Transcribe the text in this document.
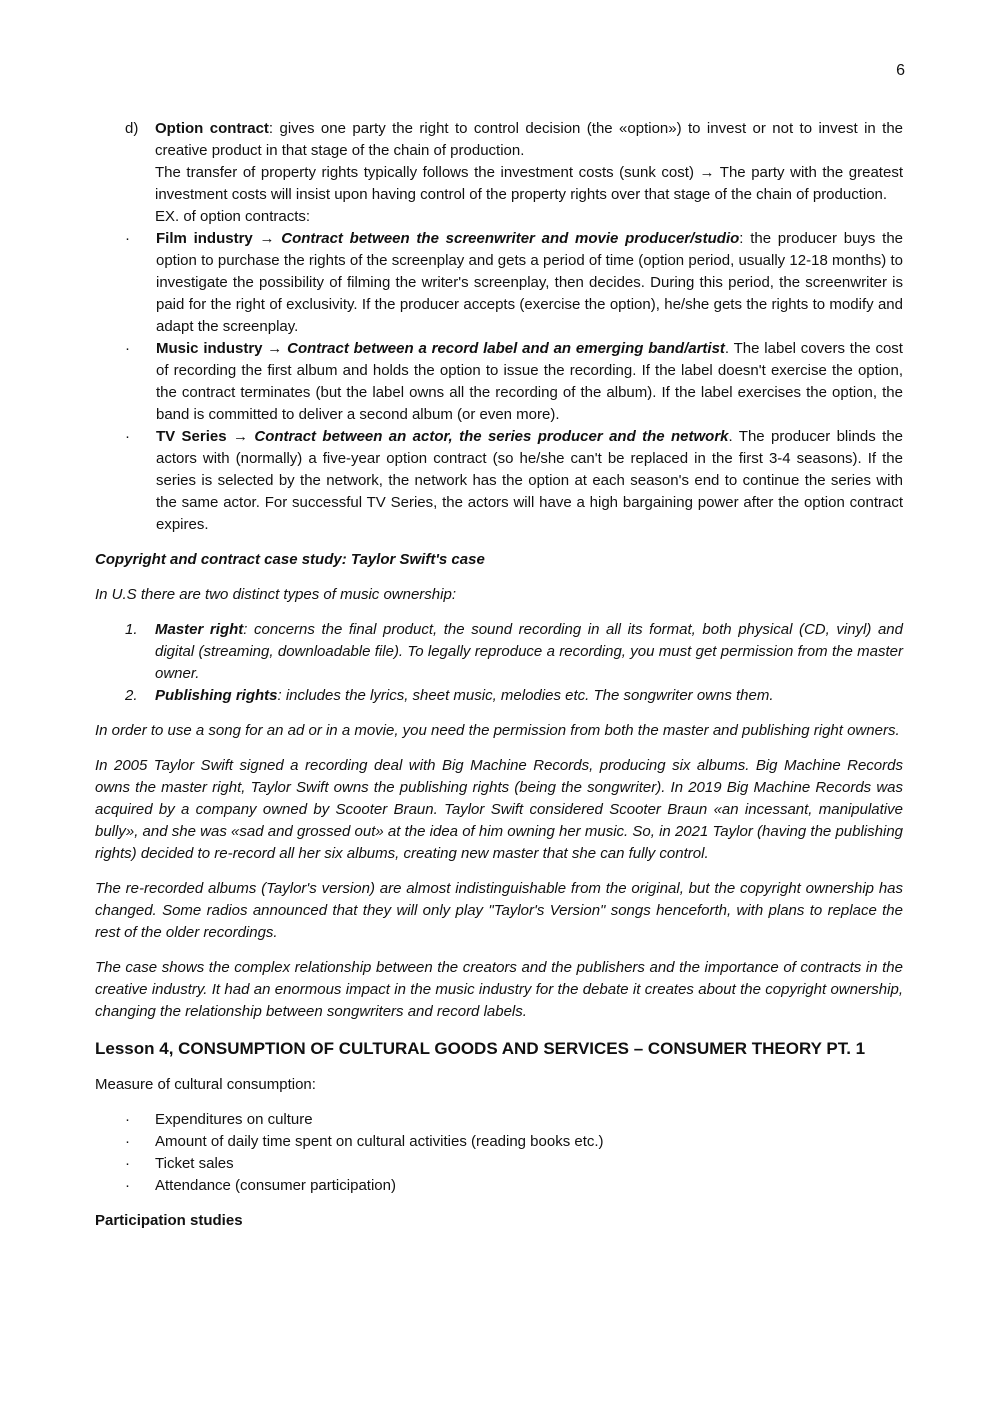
6
d) Option contract: gives one party the right to control decision (the «option») to invest or not to invest in the creative product in that stage of the chain of production.

The transfer of property rights typically follows the investment costs (sunk cost) → The party with the greatest investment costs will insist upon having control of the property rights over that stage of the chain of production.

EX. of option contracts:

· Film industry → Contract between the screenwriter and movie producer/studio: the producer buys the option to purchase the rights of the screenplay and gets a period of time (option period, usually 12-18 months) to investigate the possibility of filming the writer's screenplay, then decides. During this period, the screenwriter is paid for the right of exclusivity. If the producer accepts (exercise the option), he/she gets the rights to modify and adapt the screenplay.
· Music industry → Contract between a record label and an emerging band/artist. The label covers the cost of recording the first album and holds the option to issue the recording. If the label doesn't exercise the option, the contract terminates (but the label owns all the recording of the album). If the label exercises the option, the band is committed to deliver a second album (or even more).
· TV Series → Contract between an actor, the series producer and the network. The producer blinds the actors with (normally) a five-year option contract (so he/she can't be replaced in the first 3-4 seasons). If the series is selected by the network, the network has the option at each season's end to continue the series with the same actor. For successful TV Series, the actors will have a high bargaining power after the option contract expires.

Copyright and contract case study: Taylor Swift's case

In U.S there are two distinct types of music ownership:

1. Master right: concerns the final product, the sound recording in all its format, both physical (CD, vinyl) and digital (streaming, downloadable file). To legally reproduce a recording, you must get permission from the master owner.
2. Publishing rights: includes the lyrics, sheet music, melodies etc. The songwriter owns them.

In order to use a song for an ad or in a movie, you need the permission from both the master and publishing right owners.

In 2005 Taylor Swift signed a recording deal with Big Machine Records, producing six albums. Big Machine Records owns the master right, Taylor Swift owns the publishing rights (being the songwriter). In 2019 Big Machine Records was acquired by a company owned by Scooter Braun. Taylor Swift considered Scooter Braun «an incessant, manipulative bully», and she was «sad and grossed out» at the idea of him owning her music. So, in 2021 Taylor (having the publishing rights) decided to re-record all her six albums, creating new master that she can fully control.

The re-recorded albums (Taylor's version) are almost indistinguishable from the original, but the copyright ownership has changed. Some radios announced that they will only play "Taylor's Version" songs henceforth, with plans to replace the rest of the older recordings.

The case shows the complex relationship between the creators and the publishers and the importance of contracts in the creative industry. It had an enormous impact in the music industry for the debate it creates about the copyright ownership, changing the relationship between songwriters and record labels.

Lesson 4, CONSUMPTION OF CULTURAL GOODS AND SERVICES – CONSUMER THEORY PT. 1

Measure of cultural consumption:

· Expenditures on culture
· Amount of daily time spent on cultural activities (reading books etc.)
· Ticket sales
· Attendance (consumer participation)

Participation studies
